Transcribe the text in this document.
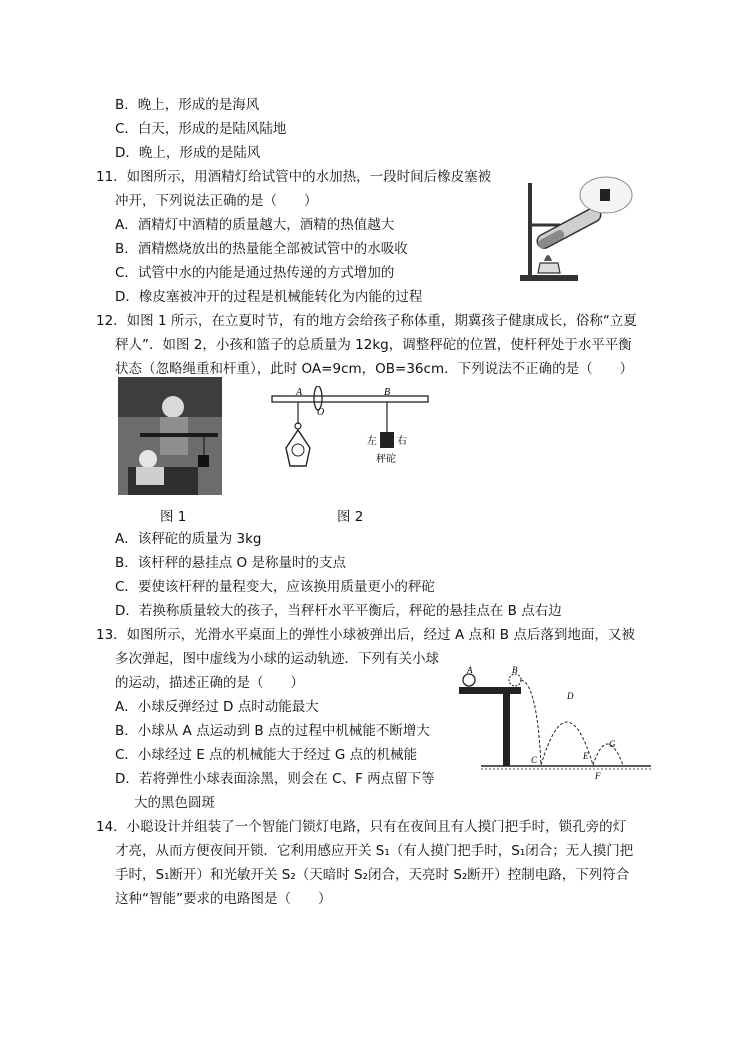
B．晚上，形成的是海风
C．白天，形成的是陆风陆地
D．晚上，形成的是陆风
11．如图所示，用酒精灯给试管中的水加热，一段时间后橡皮塞被
冲开，下列说法正确的是（　　）
A．酒精灯中酒精的质量越大，酒精的热值越大
B．酒精燃烧放出的热量能全部被试管中的水吸收
C．试管中水的内能是通过热传递的方式增加的
D．橡皮塞被冲开的过程是机械能转化为内能的过程
12．如图 1 所示，在立夏时节，有的地方会给孩子称体重，期冀孩子健康成长，俗称“立夏
秤人”．如图 2，小孩和篮子的总质量为 12kg，调整秤砣的位置，使杆秤处于水平平衡
状态（忽略绳重和杆重），此时 OA=9cm，OB=36cm．下列说法不正确的是（　　）
A
O
B
左 右
秤砣
图 1	图 2
A．该秤砣的质量为 3kg
B．该杆秤的悬挂点 O 是称量时的支点
C．要使该杆秤的量程变大，应该换用质量更小的秤砣
D．若换称质量较大的孩子，当秤杆水平平衡后，秤砣的悬挂点在 B 点右边
13．如图所示，光滑水平桌面上的弹性小球被弹出后，经过 A 点和 B 点后落到地面，又被
多次弹起，图中虚线为小球的运动轨迹．下列有关小球
的运动，描述正确的是（　　）
A．小球反弹经过 D 点时动能最大
B．小球从 A 点运动到 B 点的过程中机械能不断增大
C．小球经过 E 点的机械能大于经过 G 点的机械能
D．若将弹性小球表面涂黑，则会在 C、F 两点留下等
大的黑色圆斑
A	B
C
D
E
F
G
14．小聪设计并组装了一个智能门锁灯电路，只有在夜间且有人摸门把手时，锁孔旁的灯
才亮，从而方便夜间开锁．它利用感应开关 S₁（有人摸门把手时，S₁闭合；无人摸门把
手时，S₁断开）和光敏开关 S₂（天暗时 S₂闭合，天亮时 S₂断开）控制电路，下列符合
这种“智能”要求的电路图是（　　）
